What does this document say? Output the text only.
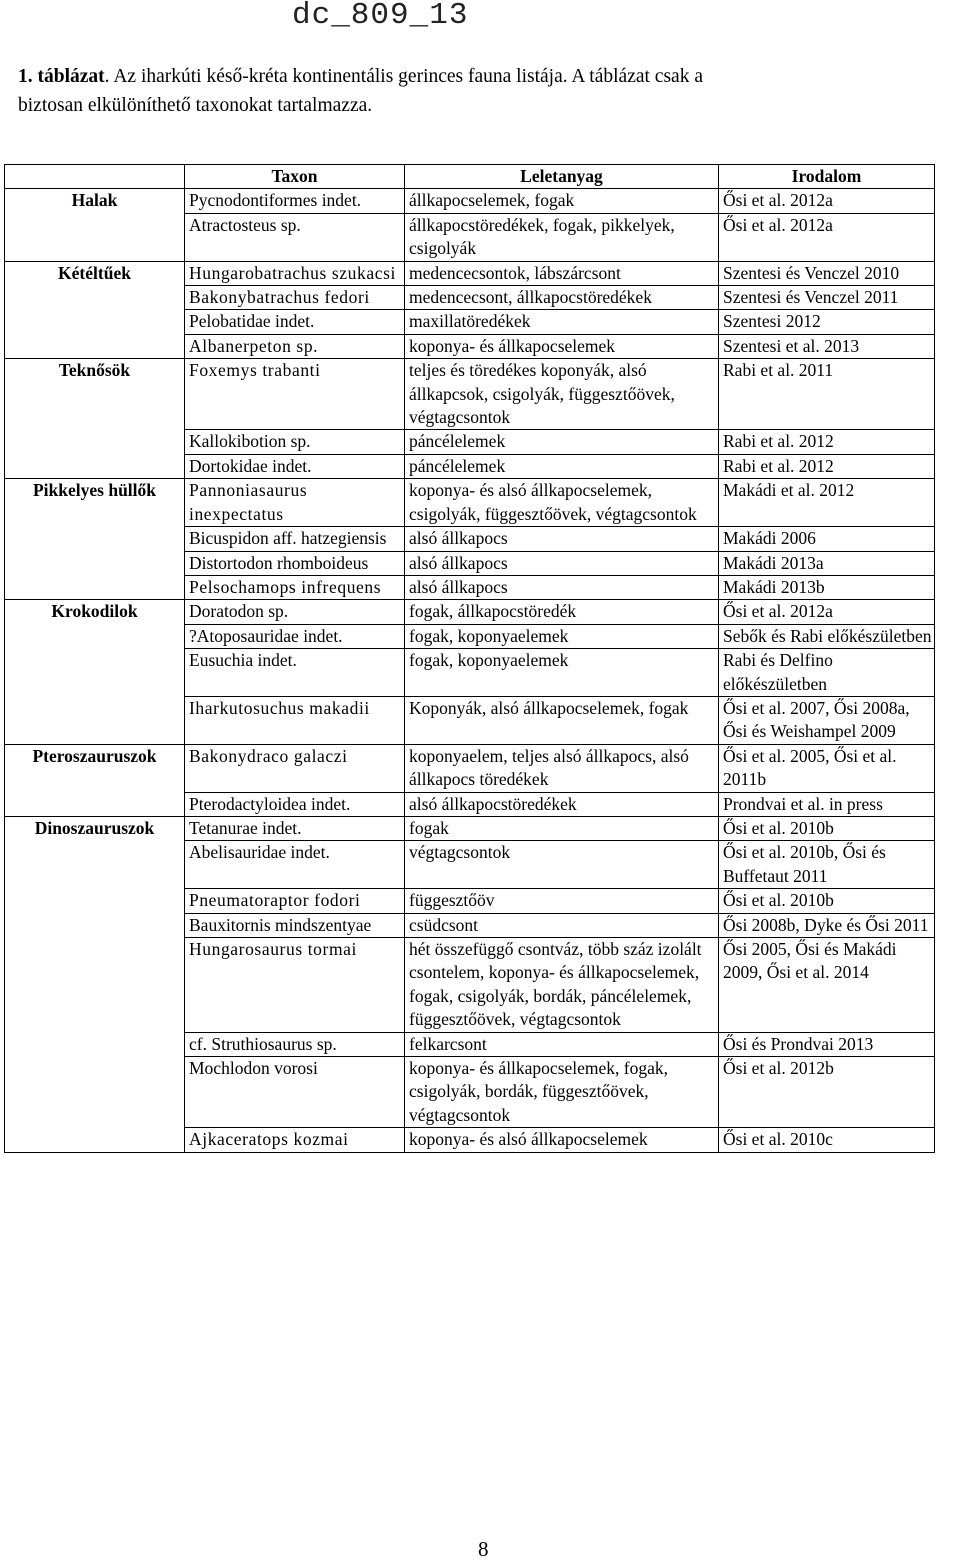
dc_809_13
1. táblázat. Az iharkúti késő-kréta kontinentális gerinces fauna listája. A táblázat csak a
biztosan elkülöníthető taxonokat tartalmazza.
	Taxon	Leletanyag	Irodalom
Halak	Pycnodontiformes indet.	állkapocselemek, fogak	Ősi et al. 2012a
	Atractosteus sp.	állkapocstöredékek, fogak, pikkelyek, csigolyák	Ősi et al. 2012a
Kétéltűek	Hungarobatrachus szukacsi	medencecsontok, lábszárcsont	Szentesi és Venczel 2010
	Bakonybatrachus fedori	medencecsont, állkapocstöredékek	Szentesi és Venczel 2011
	Pelobatidae indet.	maxillatöredékek	Szentesi 2012
	Albanerpeton sp.	koponya- és állkapocselemek	Szentesi et al. 2013
Teknősök	Foxemys trabanti	teljes és töredékes koponyák, alsó állkapcsok, csigolyák, függesztőövek, végtagcsontok	Rabi et al. 2011
	Kallokibotion sp.	páncélelemek	Rabi et al. 2012
	Dortokidae indet.	páncélelemek	Rabi et al. 2012
Pikkelyes hüllők	Pannoniasaurus inexpectatus	koponya- és alsó állkapocselemek, csigolyák, függesztőövek, végtagcsontok	Makádi et al. 2012
	Bicuspidon aff. hatzegiensis	alsó állkapocs	Makádi 2006
	Distortodon rhomboideus	alsó állkapocs	Makádi 2013a
	Pelsochamops infrequens	alsó állkapocs	Makádi 2013b
Krokodilok	Doratodon sp.	fogak, állkapocstöredék	Ősi et al. 2012a
	?Atoposauridae indet.	fogak, koponyaelemek	Sebők és Rabi előkészületben
	Eusuchia indet.	fogak, koponyaelemek	Rabi és Delfino előkészületben
	Iharkutosuchus makadii	Koponyák, alsó állkapocselemek, fogak	Ősi et al. 2007, Ősi 2008a, Ősi és Weishampel 2009
Pteroszauruszok	Bakonydraco galaczi	koponyaelem, teljes alsó állkapocs, alsó állkapocs töredékek	Ősi et al. 2005, Ősi et al. 2011b
	Pterodactyloidea indet.	alsó állkapocstöredékek	Prondvai et al. in press
Dinoszauruszok	Tetanurae indet.	fogak	Ősi et al. 2010b
	Abelisauridae indet.	végtagcsontok	Ősi et al. 2010b, Ősi és Buffetaut 2011
	Pneumatoraptor fodori	függesztőöv	Ősi et al. 2010b
	Bauxitornis mindszentyae	csüdcsont	Ősi 2008b, Dyke és Ősi 2011
	Hungarosaurus tormai	hét összefüggő csontváz, több száz izolált csontelem, koponya- és állkapocselemek, fogak, csigolyák, bordák, páncélelemek, függesztőövek, végtagcsontok	Ősi 2005, Ősi és Makádi 2009, Ősi et al. 2014
	cf. Struthiosaurus sp.	felkarcsont	Ősi és Prondvai 2013
	Mochlodon vorosi	koponya- és állkapocselemek, fogak, csigolyák, bordák, függesztőövek, végtagcsontok	Ősi et al. 2012b
	Ajkaceratops kozmai	koponya- és alsó állkapocselemek	Ősi et al. 2010c
8
